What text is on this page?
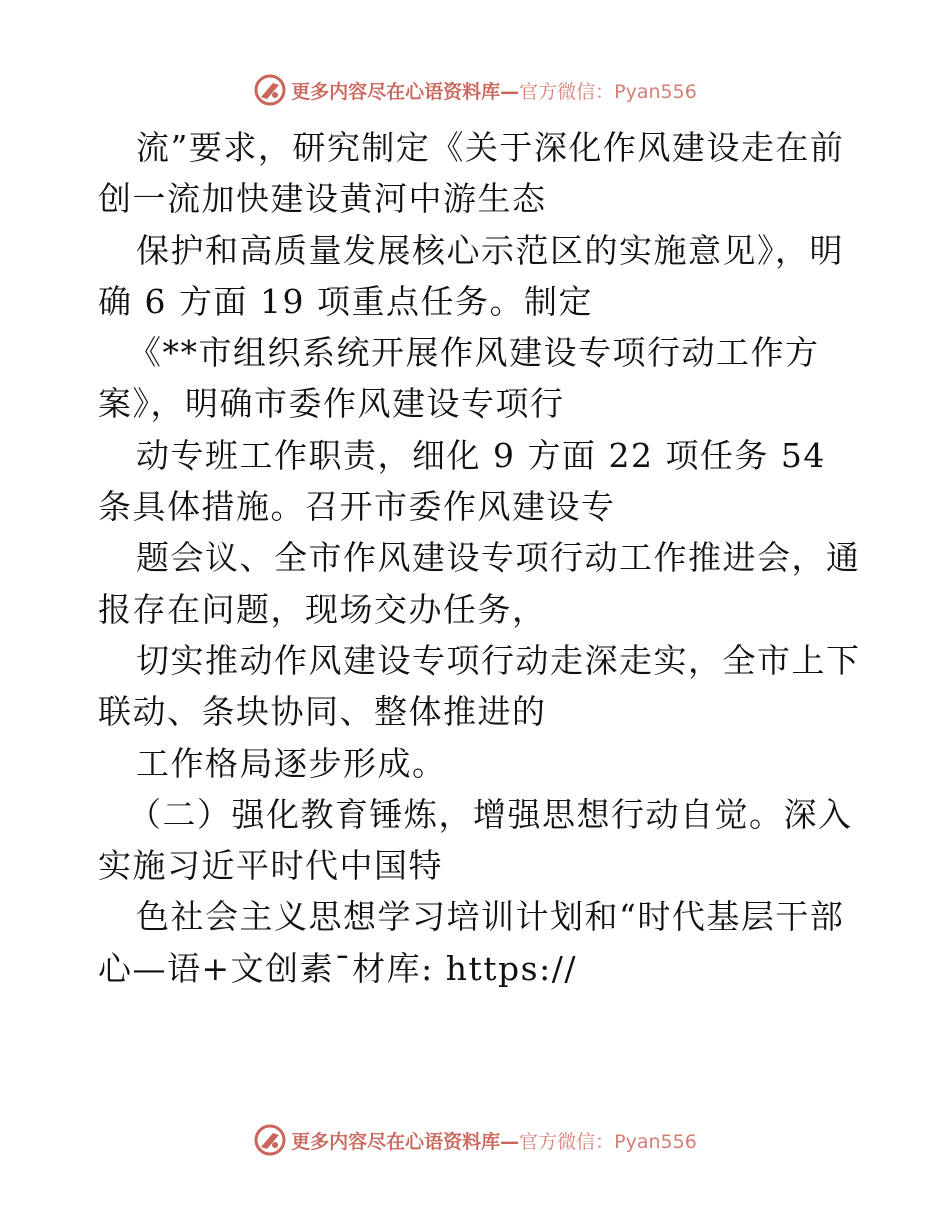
更多内容尽在心语资料库—官方微信：Pyan556
流”要求，研究制定《关于深化作风建设走在前
创一流加快建设黄河中游生态
保护和高质量发展核心示范区的实施意见》，明
确 6 方面 19 项重点任务。制定
《**市组织系统开展作风建设专项行动工作方
案》，明确市委作风建设专项行
动专班工作职责，细化 9 方面 22 项任务 54
条具体措施。召开市委作风建设专
题会议、全市作风建设专项行动工作推进会，通
报存在问题，现场交办任务，
切实推动作风建设专项行动走深走实，全市上下
联动、条块协同、整体推进的
工作格局逐步形成。
（二）强化教育锤炼，增强思想行动自觉。深入
实施习近平时代中国特
色社会主义思想学习培训计划和“时代基层干部
心—语+文创素¯材库: https://
更多内容尽在心语资料库—官方微信：Pyan556
